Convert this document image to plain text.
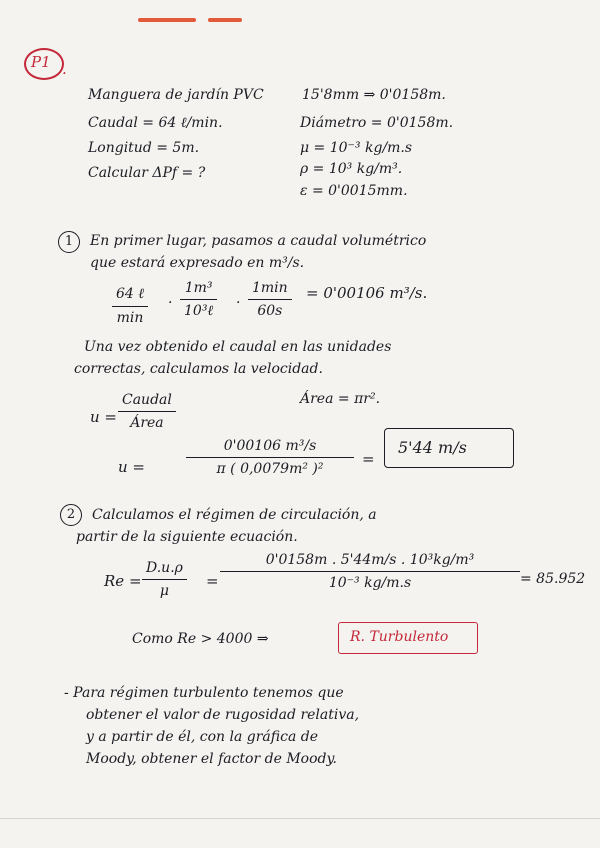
P1 .
Manguera de jardín PVC
Caudal = 64 ℓ/min.
Longitud = 5m.
Calcular ΔPf = ?
15'8mm ⇒ 0'0158m.
Diámetro = 0'0158m.
μ = 10⁻³ kg/m.s
ρ = 10³ kg/m³.
ε = 0'0015mm.
1	En primer lugar, pasamos a caudal volumétrico
que estará expresado en m³/s.
64 ℓ
min
·
1m³
10³ℓ ·
1min
60s
= 0'00106 m³/s.
Una vez obtenido el caudal en las unidades
correctas, calculamos la velocidad.
u =
Caudal
Área
Área = πr².
u =	$\frac{\text{0'00106 m³/s}}{\text{π ( 0,0079m² )²}}$ =
5'44 m/s
2	Calculamos el régimen de circulación, a
partir de la siguiente ecuación.
$Re = \frac{D.u.\rho}{\mu} = \frac{\text{0'0158m . 5'44m/s . 10³kg/m³}}{\text{10⁻³ kg/m.s}} = 85.952$
Como Re > 4000 ⇒	R. Turbulento
- Para régimen turbulento tenemos que
obtener el valor de rugosidad relativa,
y a partir de él, con la gráfica de
Moody, obtener el factor de Moody.
